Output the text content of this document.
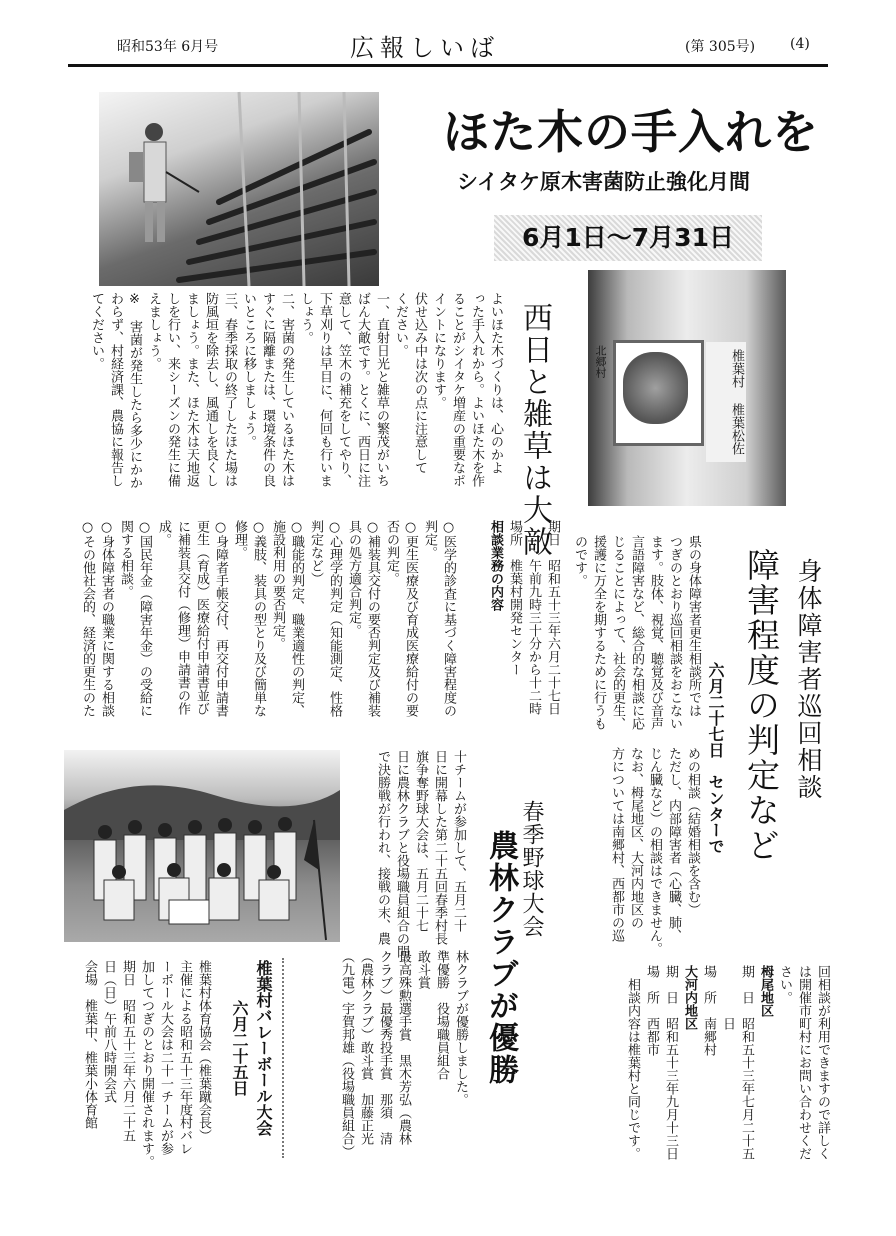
昭和53年 6月号	広報しいば	(第 305号) (4)
ほた木の手入れを
シイタケ原木害菌防止強化月間
6月1日～7月31日
西日と雑草は大敵
よいほた木づくりは、心のかよ
った手入れから。よいほた木を作
ることがシイタケ増産の重要なポ
イントになります。
伏せ込み中は次の点に注意して
ください。
一、直射日光と雑草の繁茂がいち
ばん大敵です。とくに、西日に注
意して、笠木の補充をしてやり、
下草刈りは早目に、何回も行いま
しょう。
二、害菌の発生しているほた木は
すぐに隔離または、環境条件の良
いところに移しましょう。
三、春季採取の終了したほた場は
防風垣を除去し、風通しを良くし
ましょう。また、ほた木は天地返
しを行い、来シーズンの発生に備
えましょう。
※　害菌が発生したら多少にかか
わらず、村経済課、農協に報告し
てください。	椎葉村 椎葉松佐
北郷村
身体障害者巡回相談
障害程度の判定など
六月二十七日　センターで
県の身体障害者更生相談所では
つぎのとおり巡回相談をおこない
ます。肢体、視覚、聴覚及び音声
言語障害など、総合的な相談に応
じることによって、社会的更生、
援護に万全を期するために行うも
のです。
期日　昭和五十三年六月二十七日
　　　午前九時三十分から十二時
場所　椎葉村開発センター
相談業務の内容
○医学的診査に基づく障害程度の
判定。
○更生医療及び育成医療給付の要
否の判定。
○補装具交付の要否判定及び補装
具の処方適合判定。
○心理学的判定（知能測定、性格
判定など）
○職能的判定、職業適性の判定、
施設利用の要否判定。
○義肢、装具の型とり及び簡単な
修理。
○身障者手帳交付、再交付申請書
更生（育成）医療給付申請書並び
に補装具交付（修理）申請書の作
成。
○国民年金（障害年金）の受給に
関する相談。
○身体障害者の職業に関する相談
○その他社会的、経済的更生のた
めの相談（結婚相談を含む）
ただし、内部障害者（心臓、肺、
じん臓など）の相談はできません。
なお、栂尾地区、大河内地区の
方については南郷村、西都市の巡
回相談が利用できますので詳しく
は開催市町村にお問い合わせくだ
さい。
栂尾地区
期　日　昭和五十三年七月二十五
　　　　日
場　所　南郷村
大河内地区
期　日　昭和五十三年九月十三日
場　所　西都市
　相談内容は椎葉村と同じです。
春季野球大会
農林クラブが優勝
林クラブが優勝しました。
準優勝　役場職員組合
敢斗賞
最高殊勲選手賞　黒木芳弘（農林
クラブ）最優秀投手賞　那須　清
（農林クラブ）敢斗賞　加藤正光
（九電）宇賀邦雄（役場職員組合）
十チームが参加して、五月二十
日に開幕した第二十五回春季村長
旗争奪野球大会は、五月二十七
日に農林クラブと役場職員組合の間
で決勝戦が行われ、接戦の末、農
椎葉村バレーボール大会
六月二十五日
椎葉村体育協会（椎葉蹴会長）
主催による昭和五十三年度村バレ
ーボール大会は二十一チームが参
加してつぎのとおり開催されます。
期日　昭和五十三年六月二十五
日（日）午前八時開会式
会場　椎葉中、椎葉小体育館
